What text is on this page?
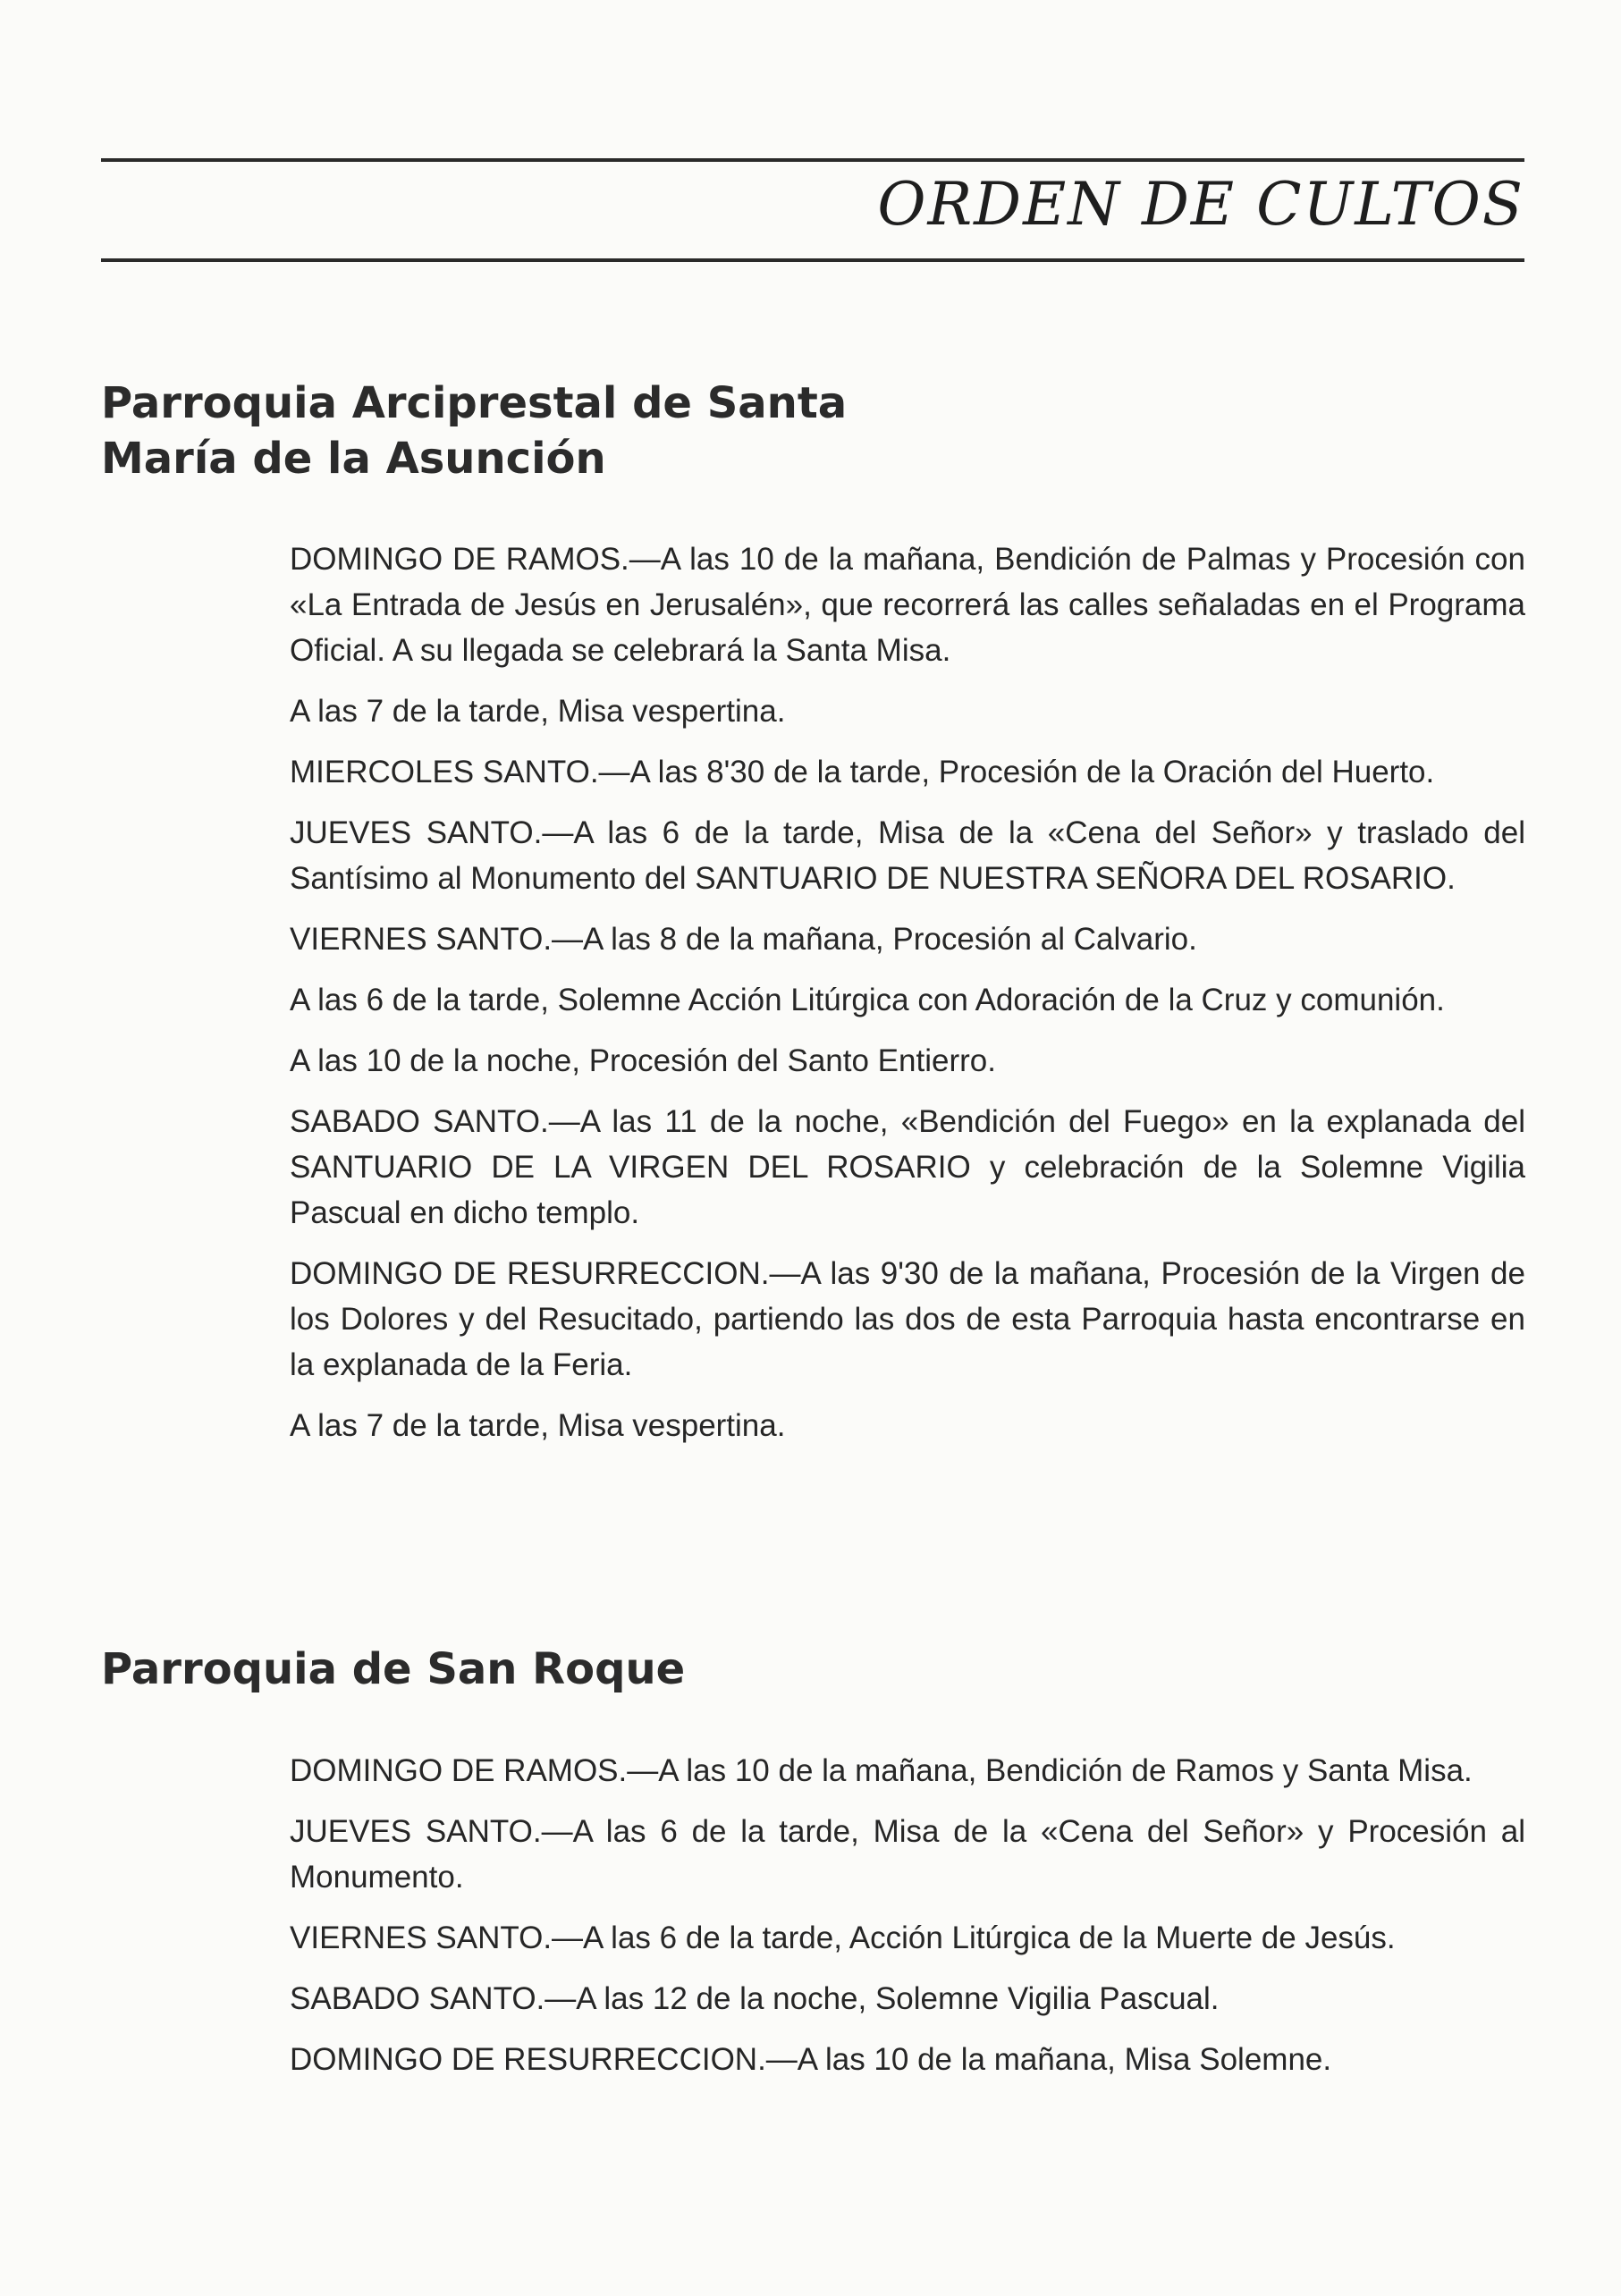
ORDEN DE CULTOS
Parroquia Arciprestal de Santa María de la Asunción

DOMINGO DE RAMOS.—A las 10 de la mañana, Bendición de Palmas y Procesión con «La Entrada de Jesús en Jerusalén», que recorrerá las calles señaladas en el Programa Oficial. A su llegada se celebrará la Santa Misa.

A las 7 de la tarde, Misa vespertina.

MIERCOLES SANTO.—A las 8'30 de la tarde, Procesión de la Oración del Huerto.

JUEVES SANTO.—A las 6 de la tarde, Misa de la «Cena del Señor» y traslado del Santísimo al Monumento del SANTUARIO DE NUESTRA SEÑORA DEL ROSARIO.

VIERNES SANTO.—A las 8 de la mañana, Procesión al Calvario.

A las 6 de la tarde, Solemne Acción Litúrgica con Adoración de la Cruz y comunión.

A las 10 de la noche, Procesión del Santo Entierro.

SABADO SANTO.—A las 11 de la noche, «Bendición del Fuego» en la explanada del SANTUARIO DE LA VIRGEN DEL ROSARIO y celebración de la Solemne Vigilia Pascual en dicho templo.

DOMINGO DE RESURRECCION.—A las 9'30 de la mañana, Procesión de la Virgen de los Dolores y del Resucitado, partiendo las dos de esta Parroquia hasta encontrarse en la explanada de la Feria.

A las 7 de la tarde, Misa vespertina.

Parroquia de San Roque

DOMINGO DE RAMOS.—A las 10 de la mañana, Bendición de Ramos y Santa Misa.

JUEVES SANTO.—A las 6 de la tarde, Misa de la «Cena del Señor» y Procesión al Monumento.

VIERNES SANTO.—A las 6 de la tarde, Acción Litúrgica de la Muerte de Jesús.

SABADO SANTO.—A las 12 de la noche, Solemne Vigilia Pascual.

DOMINGO DE RESURRECCION.—A las 10 de la mañana, Misa Solemne.
